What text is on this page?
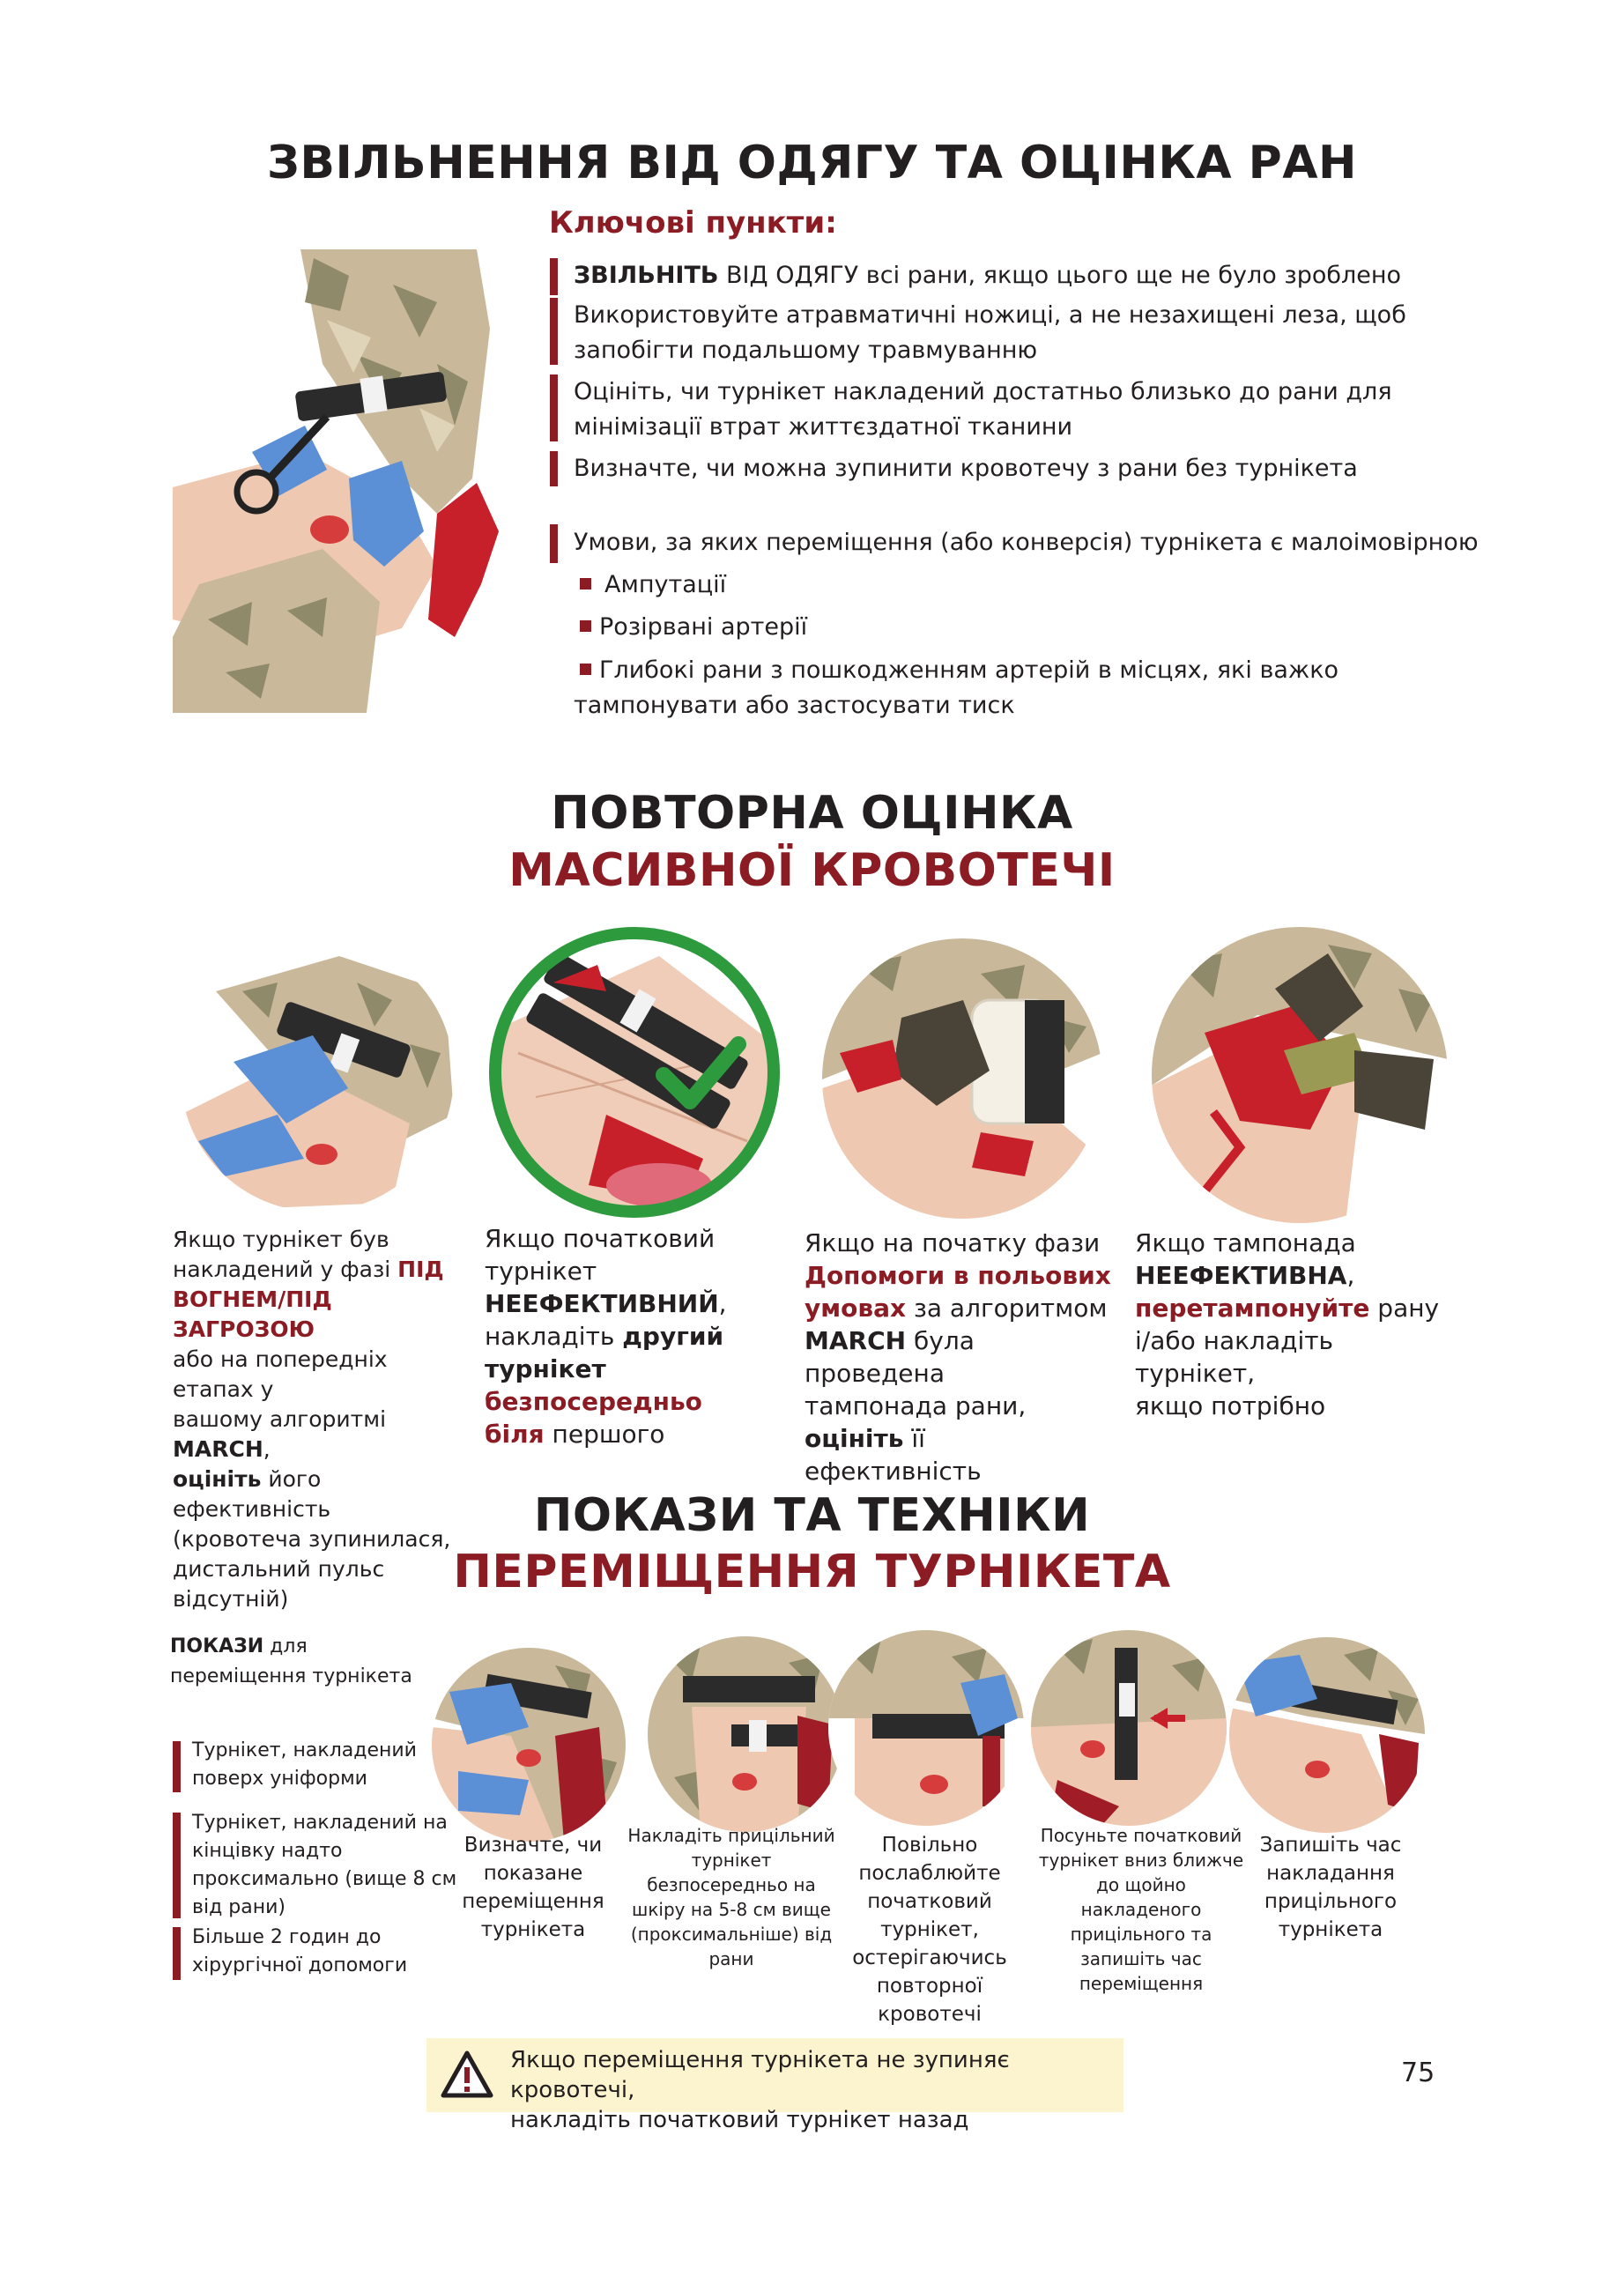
ЗВІЛЬНЕННЯ ВІД ОДЯГУ ТА ОЦІНКА РАН
Ключові пункти:
ЗВІЛЬНІТЬ ВІД ОДЯГУ всі рани, якщо цього ще не було зроблено
Використовуйте атравматичні ножиці, а не незахищені леза, щоб
запобігти подальшому травмуванню
Оцініть, чи турнікет накладений достатньо близько до рани для
мінімізації втрат життєздатної тканини
Визначте, чи можна зупинити кровотечу з рани без турнікета
Умови, за яких переміщення (або конверсія) турнікета є малоімовірною
Ампутації
Розірвані артерії
Глибокі рани з пошкодженням артерій в місцях, які важко
тампонувати або застосувати тиск
ПОВТОРНА ОЦІНКА
МАСИВНОЇ КРОВОТЕЧІ
Якщо турнікет був
накладений у фазі ПІД
ВОГНЕМ/ПІД ЗАГРОЗОЮ
або на попередніх етапах у
вашому алгоритмі MARCH,
оцініть його ефективність
(кровотеча зупинилася,
дистальний пульс відсутній)
Якщо початковий
турнікет НЕЕФЕКТИВНИЙ,
накладіть другий
турнікет безпосередньо
біля першого
Якщо на початку фази
Допомоги в польових
умовах за алгоритмом
MARCH була проведена
тампонада рани, оцініть її
ефективність
Якщо тампонада
НЕЕФЕКТИВНА,
перетампонуйте рану
і/або накладіть турнікет,
якщо потрібно
ПОКАЗИ ТА ТЕХНІКИ
ПЕРЕМІЩЕННЯ ТУРНІКЕТА
ПОКАЗИ для
переміщення турнікета
Турнікет, накладений
поверх уніформи
Турнікет, накладений на
кінцівку надто
проксимально (вище 8 см
від рани)
Більше 2 годин до
хірургічної допомоги
Визначте, чи
показане
переміщення
турнікета
Накладіть прицільний
турнікет
безпосередньо на
шкіру на 5-8 см вище
(проксимальніше) від
рани
Повільно
послаблюйте
початковий
турнікет,
остерігаючись
повторної кровотечі
Посуньте початковий
турнікет вниз ближче
до щойно
накладеного
прицільного та
запишіть час
переміщення
Запишіть час
накладання
прицільного
турнікета
Якщо переміщення турнікета не зупиняє кровотечі,
накладіть початковий турнікет назад
75
